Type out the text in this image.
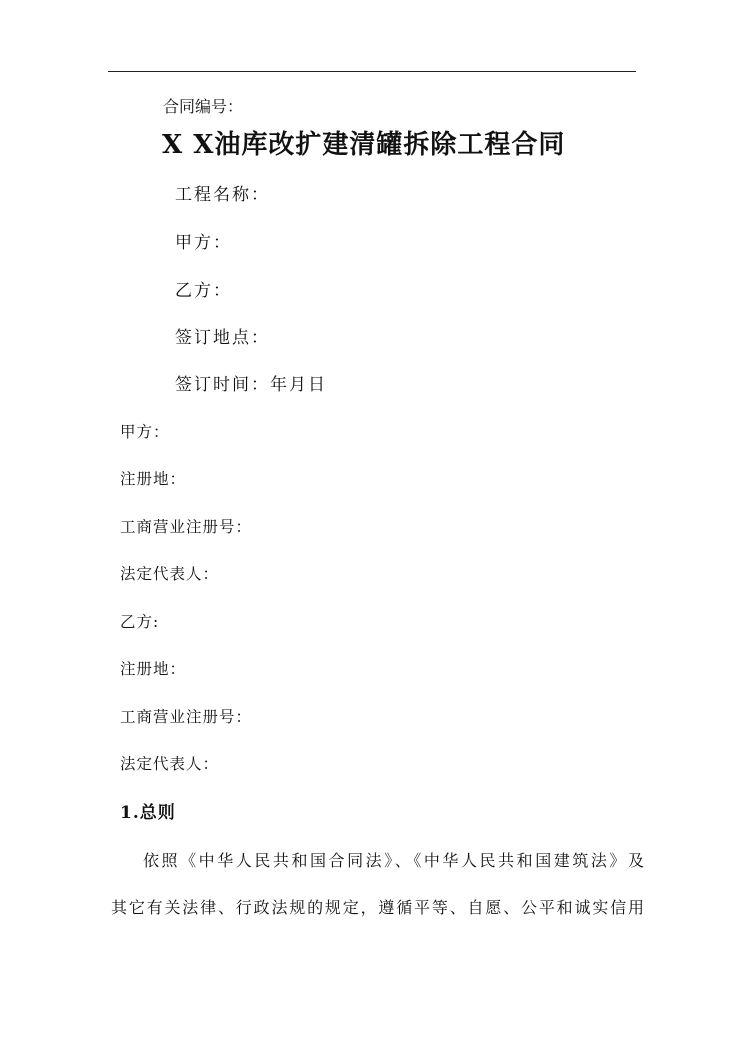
合同编号：
X X油库改扩建清罐拆除工程合同
工程名称：
甲方：
乙方：
签订地点：
签订时间：年月日
甲方：
注册地：
工商营业注册号：
法定代表人：
乙方:
注册地：
工商营业注册号：
法定代表人：
1.总则
依照《中华人民共和国合同法》、《中华人民共和国建筑法》及
其它有关法律、行政法规的规定，遵循平等、自愿、公平和诚实信用
